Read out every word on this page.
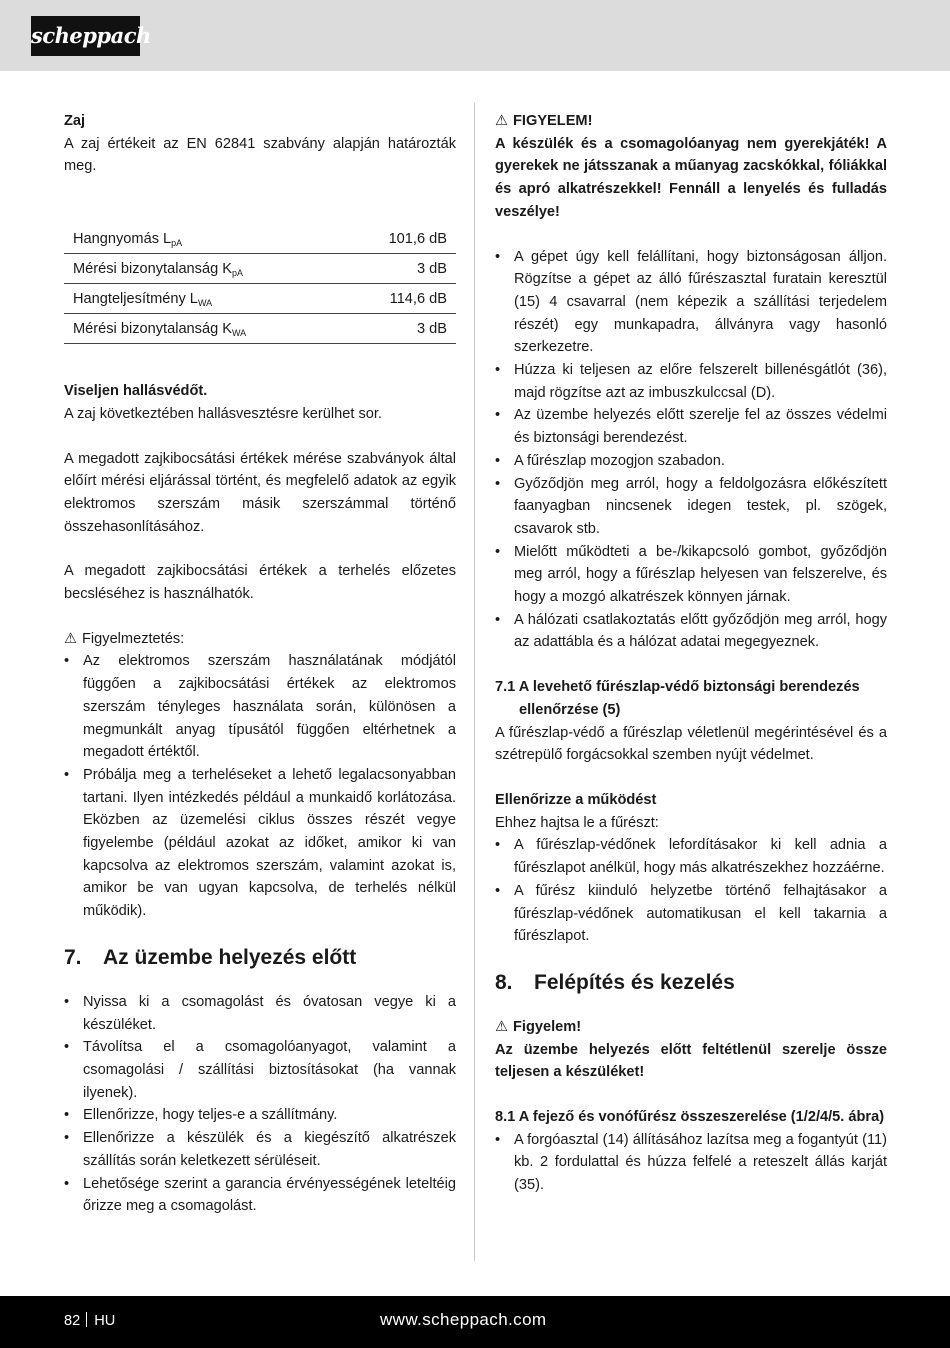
scheppach

Zaj

A zaj értékeit az EN 62841 szabvány alapján határozták meg.

Hangnyomás $L_{pA}$	101,6 dB
Mérési bizonytalanság $K_{pA}$	3 dB
Hangteljesítmény $L_{WA}$	114,6 dB
Mérési bizonytalanság $K_{WA}$	3 dB

Viseljen hallásvédőt.

A zaj következtében hallásvesztésre kerülhet sor.

A megadott zajkibocsátási értékek mérése szabványok által előírt mérési eljárással történt, és megfelelő adatok az egyik elektromos szerszám másik szerszámmal történő összehasonlításához.

A megadott zajkibocsátási értékek a terhelés előzetes becsléséhez is használhatók.

⚠ Figyelmeztetés:

• Az elektromos szerszám használatának módjától függően a zajkibocsátási értékek az elektromos szerszám tényleges használata során, különösen a megmunkált anyag típusától függően eltérhetnek a megadott értéktől.
• Próbálja meg a terheléseket a lehető legalacsonyabban tartani. Ilyen intézkedés például a munkaidő korlátozása. Eközben az üzemelési ciklus összes részét vegye figyelembe (például azokat az időket, amikor ki van kapcsolva az elektromos szerszám, valamint azokat is, amikor be van ugyan kapcsolva, de terhelés nélkül működik).
7. Az üzembe helyezés előtt
• Nyissa ki a csomagolást és óvatosan vegye ki a készüléket.
• Távolítsa el a csomagolóanyagot, valamint a csomagolási / szállítási biztosításokat (ha vannak ilyenek).
• Ellenőrizze, hogy teljes-e a szállítmány.
• Ellenőrizze a készülék és a kiegészítő alkatrészek szállítás során keletkezett sérüléseit.
• Lehetősége szerint a garancia érvényességének leteltéig őrizze meg a csomagolást.

⚠ FIGYELEM!

A készülék és a csomagolóanyag nem gyerekjáték! A gyerekek ne játsszanak a műanyag zacskókkal, fóliákkal és apró alkatrészekkel! Fennáll a lenyelés és fulladás veszélye!

• A gépet úgy kell felállítani, hogy biztonságosan álljon. Rögzítse a gépet az álló fűrészasztal furatain keresztül (15) 4 csavarral (nem képezik a szállítási terjedelem részét) egy munkapadra, állványra vagy hasonló szerkezetre.
• Húzza ki teljesen az előre felszerelt billenésgátlót (36), majd rögzítse azt az imbuszkulccsal (D).
• Az üzembe helyezés előtt szerelje fel az összes védelmi és biztonsági berendezést.
• A fűrészlap mozogjon szabadon.
• Győződjön meg arról, hogy a feldolgozásra előkészített faanyagban nincsenek idegen testek, pl. szögek, csavarok stb.
• Mielőtt működteti a be-/kikapcsoló gombot, győződjön meg arról, hogy a fűrészlap helyesen van felszerelve, és hogy a mozgó alkatrészek könnyen járnak.
• A hálózati csatlakoztatás előtt győződjön meg arról, hogy az adattábla és a hálózat adatai megegyeznek.

7.1 A levehető fűrészlap-védő biztonsági berendezés ellenőrzése (5)

A fűrészlap-védő a fűrészlap véletlenül megérintésével és a szétrepülő forgácsokkal szemben nyújt védelmet.

Ellenőrizze a működést

Ehhez hajtsa le a fűrészt:

• A fűrészlap-védőnek lefordításakor ki kell adnia a fűrészlapot anélkül, hogy más alkatrészekhez hozzáérne.
• A fűrész kiinduló helyzetbe történő felhajtásakor a fűrészlap-védőnek automatikusan el kell takarnia a fűrészlapot.
8. Felépítés és kezelés

⚠ Figyelem!

Az üzembe helyezés előtt feltétlenül szerelje össze teljesen a készüléket!

8.1 A fejező és vonófűrész összeszerelése (1/2/4/5. ábra)

• A forgóasztal (14) állításához lazítsa meg a fogantyút (11) kb. 2 fordulattal és húzza felfelé a reteszelt állás karját (35).
82 HU	www.scheppach.com
